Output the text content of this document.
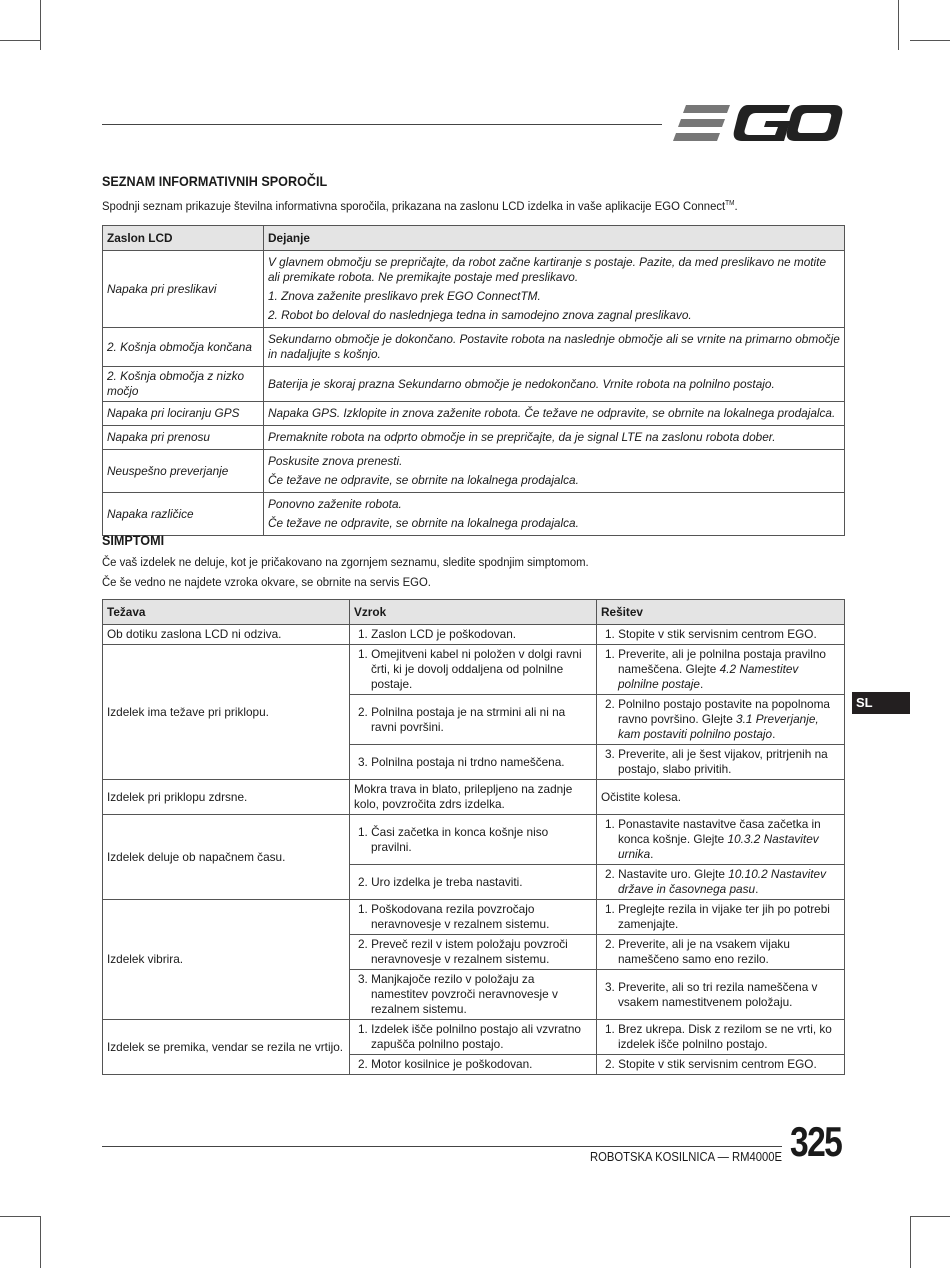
SEZNAM INFORMATIVNIH SPOROČIL
Spodnji seznam prikazuje številna informativna sporočila, prikazana na zaslonu LCD izdelka in vaše aplikacije EGO Connect™.
Zaslon LCD	Dejanje
Napaka pri preslikavi	V glavnem območju se prepričajte, da robot začne kartiranje s postaje. Pazite, da med preslikavo ne motite ali premikate robota. Ne premikajte postaje med preslikavo.
1. Znova zaženite preslikavo prek EGO ConnectTM.
2. Robot bo deloval do naslednjega tedna in samodejno znova zagnal preslikavo.

2. Košnja območja končana	Sekundarno območje je dokončano. Postavite robota na naslednje območje ali se vrnite na primarno območje in nadaljujte s košnjo.

2. Košnja območja z nizko močjo	Baterija je skoraj prazna Sekundarno območje je nedokončano. Vrnite robota na polnilno postajo.

Napaka pri lociranju GPS	Napaka GPS. Izklopite in znova zaženite robota. Če težave ne odpravite, se obrnite na lokalnega prodajalca.

Napaka pri prenosu	Premaknite robota na odprto območje in se prepričajte, da je signal LTE na zaslonu robota dober.

Neuspešno preverjanje	Poskusite znova prenesti.
Če težave ne odpravite, se obrnite na lokalnega prodajalca.

Napaka različice	Ponovno zaženite robota.
Če težave ne odpravite, se obrnite na lokalnega prodajalca.
SIMPTOMI
Če vaš izdelek ne deluje, kot je pričakovano na zgornjem seznamu, sledite spodnjim simptomom.
Če še vedno ne najdete vzroka okvare, se obrnite na servis EGO.
Težava	Vzrok	Rešitev
Ob dotiku zaslona LCD ni odziva.	1. Zaslon LCD je poškodovan.	1. Stopite v stik servisnim centrom EGO.

Izdelek ima težave pri priklopu.	1. Omejitveni kabel ni položen v dolgi ravni črti, ki je dovolj oddaljena od polnilne postaje.	1. Preverite, ali je polnilna postaja pravilno nameščena. Glejte 4.2 Namestitev polnilne postaje.

	2. Polnilna postaja je na strmini ali ni na ravni površini.	2. Polnilno postajo postavite na popolnoma ravno površino. Glejte 3.1 Preverjanje, kam postaviti polnilno postajo.

	3. Polnilna postaja ni trdno nameščena.	3. Preverite, ali je šest vijakov, pritrjenih na postajo, slabo privitih.

Izdelek pri priklopu zdrsne.	Mokra trava in blato, prilepljeno na zadnje kolo, povzročita zdrs izdelka.	Očistite kolesa.
Izdelek deluje ob napačnem času.	1. Časi začetka in konca košnje niso pravilni.	1. Ponastavite nastavitve časa začetka in konca košnje. Glejte 10.3.2 Nastavitev urnika.

	2. Uro izdelka je treba nastaviti.	2. Nastavite uro. Glejte 10.10.2 Nastavitev države in časovnega pasu.

Izdelek vibrira.	1. Poškodovana rezila povzročajo neravnovesje v rezalnem sistemu.	1. Preglejte rezila in vijake ter jih po potrebi zamenjajte.

	2. Preveč rezil v istem položaju povzroči neravnovesje v rezalnem sistemu.	2. Preverite, ali je na vsakem vijaku nameščeno samo eno rezilo.

	3. Manjkajoče rezilo v položaju za namestitev povzroči neravnovesje v rezalnem sistemu.	3. Preverite, ali so tri rezila nameščena v vsakem namestitvenem položaju.

Izdelek se premika, vendar se rezila ne vrtijo.	1. Izdelek išče polnilno postajo ali vzvratno zapušča polnilno postajo.	1. Brez ukrepa. Disk z rezilom se ne vrti, ko izdelek išče polnilno postajo.

	2. Motor kosilnice je poškodovan.	2. Stopite v stik servisnim centrom EGO.
SL
ROBOTSKA KOSILNICA — RM4000E 325
